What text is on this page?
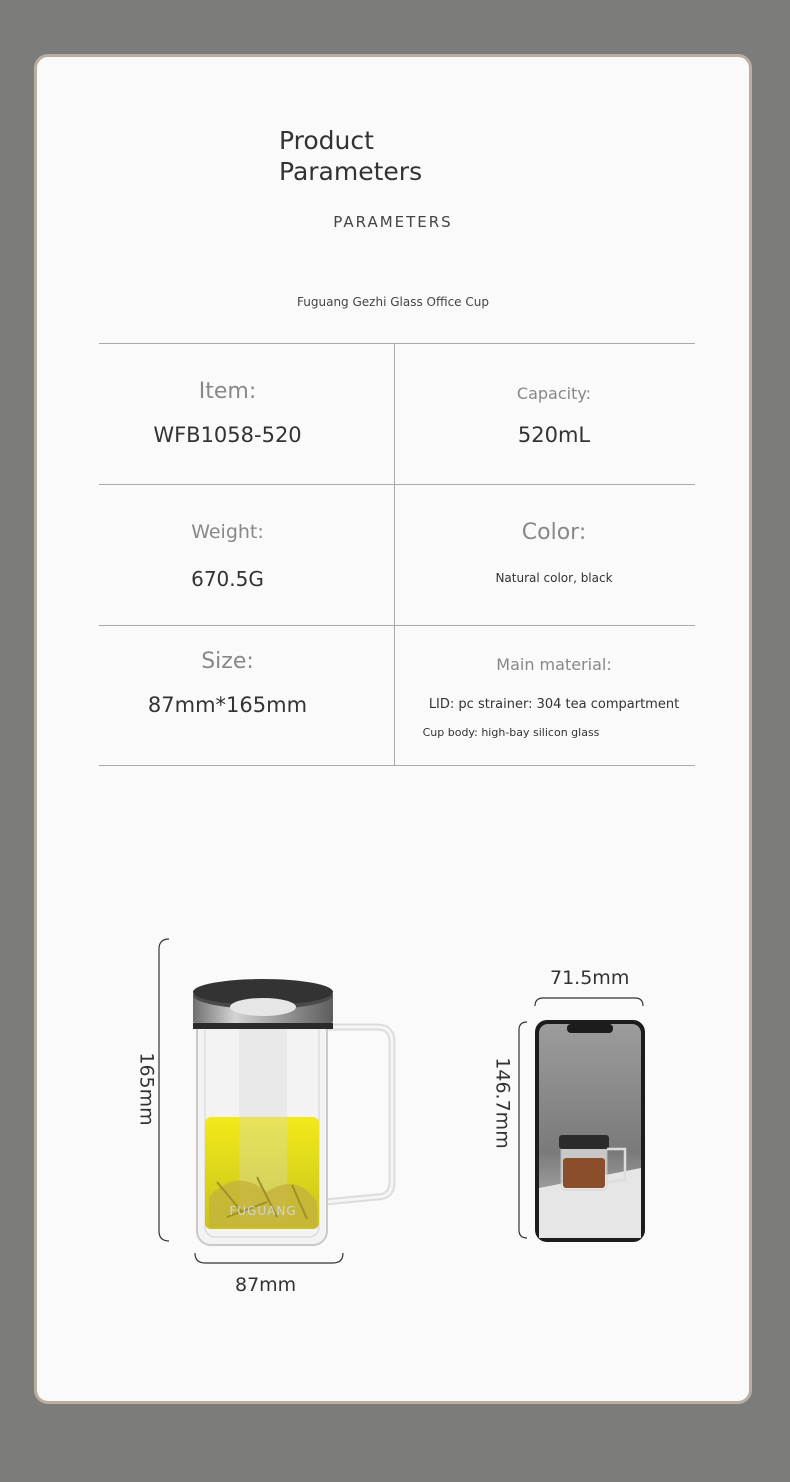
Product
Parameters
PARAMETERS
Fuguang Gezhi Glass Office Cup
Item:
WFB1058-520
Capacity:
520mL
Weight:
670.5G
Color:
Natural color, black
Size:
87mm*165mm
Main material:
LID: pc strainer: 304 tea compartment
Cup body: high-bay silicon glass
FUGUANG
165mm
87mm
71.5mm
146.7mm
